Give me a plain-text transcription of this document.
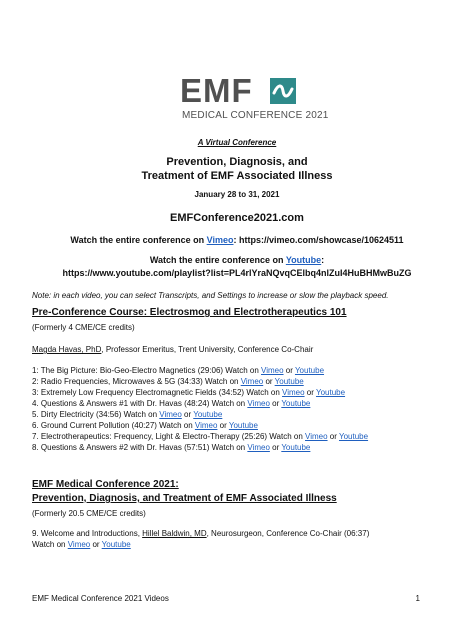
EMF
MEDICAL CONFERENCE 2021
A Virtual Conference
Prevention, Diagnosis, and
Treatment of EMF Associated Illness
January 28 to 31, 2021
EMFConference2021.com
Watch the entire conference on Vimeo: https://vimeo.com/showcase/10624511
Watch the entire conference on Youtube:
https://www.youtube.com/playlist?list=PL4rlYraNQvqCElbq4nlZuI4HuBHMwBuZG
Note: in each video, you can select Transcripts, and Settings to increase or slow the playback speed.
Pre-Conference Course: Electrosmog and Electrotherapeutics 101
(Formerly 4 CME/CE credits)
Magda Havas, PhD, Professor Emeritus, Trent University, Conference Co-Chair
1: The Big Picture: Bio-Geo-Electro Magnetics (29:06) Watch on Vimeo or Youtube
2: Radio Frequencies, Microwaves & 5G (34:33) Watch on Vimeo or Youtube
3: Extremely Low Frequency Electromagnetic Fields (34:52) Watch on Vimeo or Youtube
4. Questions & Answers #1 with Dr. Havas (48:24) Watch on Vimeo or Youtube
5. Dirty Electricity (34:56) Watch on Vimeo or Youtube
6. Ground Current Pollution (40:27) Watch on Vimeo or Youtube
7. Electrotherapeutics: Frequency, Light & Electro-Therapy (25:26) Watch on Vimeo or Youtube
8. Questions & Answers #2 with Dr. Havas (57:51) Watch on Vimeo or Youtube
EMF Medical Conference 2021:
Prevention, Diagnosis, and Treatment of EMF Associated Illness
(Formerly 20.5 CME/CE credits)
9. Welcome and Introductions, Hillel Baldwin, MD, Neurosurgeon, Conference Co-Chair (06:37)
Watch on Vimeo or Youtube
EMF Medical Conference 2021 Videos	1
